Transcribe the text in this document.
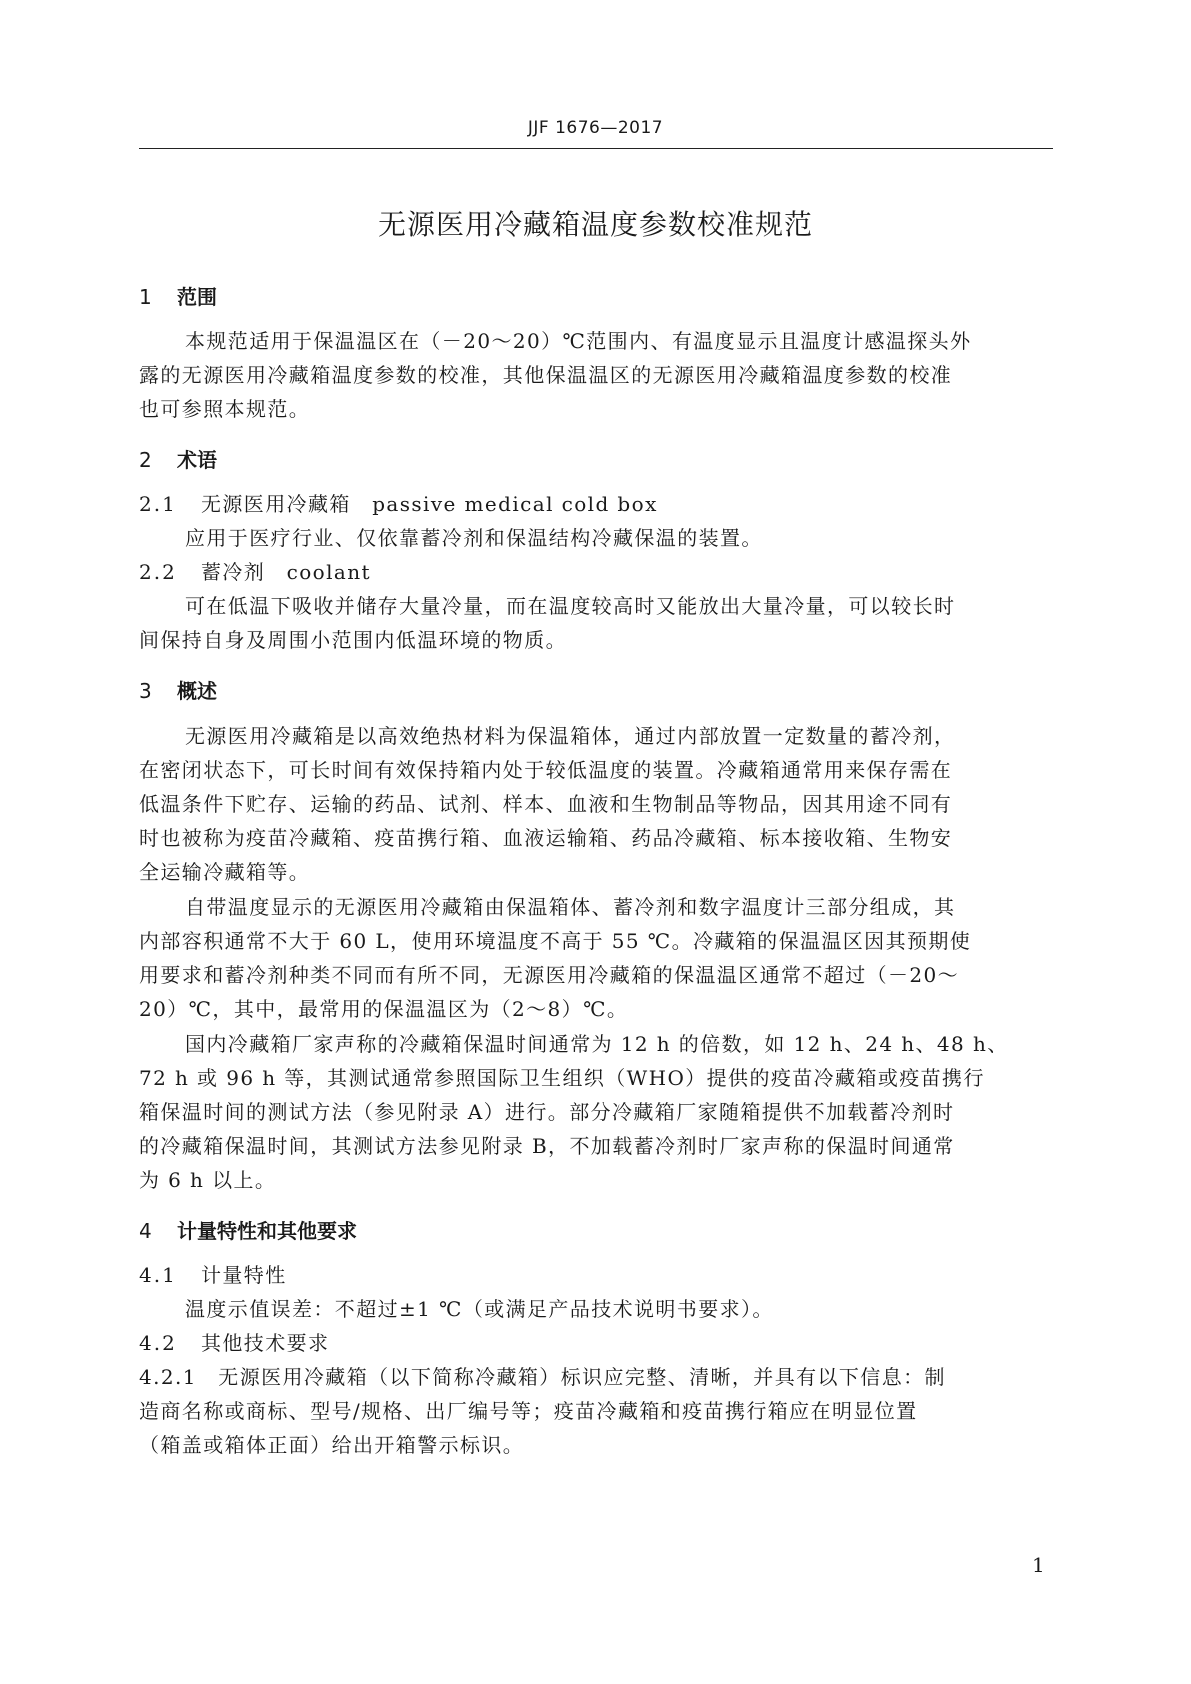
JJF 1676—2017
无源医用冷藏箱温度参数校准规范
1 范围
本规范适用于保温温区在（－20～20）℃范围内、有温度显示且温度计感温探头外
露的无源医用冷藏箱温度参数的校准，其他保温温区的无源医用冷藏箱温度参数的校准
也可参照本规范。
2 术语
2.1 无源医用冷藏箱　passive medical cold box
应用于医疗行业、仅依靠蓄冷剂和保温结构冷藏保温的装置。
2.2 蓄冷剂　coolant
可在低温下吸收并储存大量冷量，而在温度较高时又能放出大量冷量，可以较长时
间保持自身及周围小范围内低温环境的物质。
3 概述
无源医用冷藏箱是以高效绝热材料为保温箱体，通过内部放置一定数量的蓄冷剂，
在密闭状态下，可长时间有效保持箱内处于较低温度的装置。冷藏箱通常用来保存需在
低温条件下贮存、运输的药品、试剂、样本、血液和生物制品等物品，因其用途不同有
时也被称为疫苗冷藏箱、疫苗携行箱、血液运输箱、药品冷藏箱、标本接收箱、生物安
全运输冷藏箱等。
自带温度显示的无源医用冷藏箱由保温箱体、蓄冷剂和数字温度计三部分组成，其
内部容积通常不大于 60 L，使用环境温度不高于 55 ℃。冷藏箱的保温温区因其预期使
用要求和蓄冷剂种类不同而有所不同，无源医用冷藏箱的保温温区通常不超过（－20～
20）℃，其中，最常用的保温温区为（2～8）℃。
国内冷藏箱厂家声称的冷藏箱保温时间通常为 12 h 的倍数，如 12 h、24 h、48 h、
72 h 或 96 h 等，其测试通常参照国际卫生组织（WHO）提供的疫苗冷藏箱或疫苗携行
箱保温时间的测试方法（参见附录 A）进行。部分冷藏箱厂家随箱提供不加载蓄冷剂时
的冷藏箱保温时间，其测试方法参见附录 B，不加载蓄冷剂时厂家声称的保温时间通常
为 6 h 以上。
4 计量特性和其他要求
4.1 计量特性
温度示值误差：不超过±1 ℃（或满足产品技术说明书要求）。
4.2 其他技术要求
4.2.1　无源医用冷藏箱（以下简称冷藏箱）标识应完整、清晰，并具有以下信息：制
造商名称或商标、型号/规格、出厂编号等；疫苗冷藏箱和疫苗携行箱应在明显位置
（箱盖或箱体正面）给出开箱警示标识。
1
